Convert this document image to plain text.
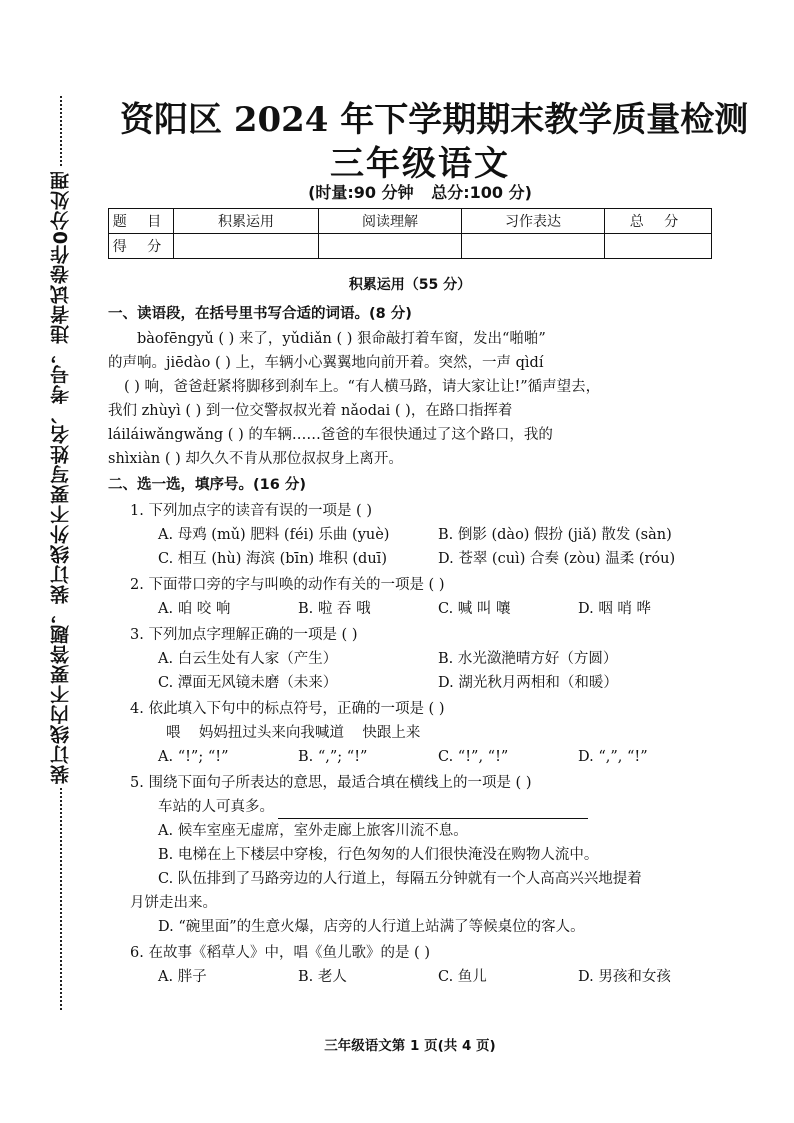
装订线内不要答题，装订线外不要写姓名、考号，违者试卷作0分处理
资阳区 2024 年下学期期末教学质量检测
三年级语文
(时量:90 分钟 总分:100 分)
题 目	积累运用	阅读理解	习作表达	总 分
得 分				
积累运用（55 分）
一、读语段，在括号里书写合适的词语。(8 分)
bàofēngyǔ ( ) 来了，yǔdiǎn ( ) 狠命敲打着车窗，发出“啪啪”
的声响。jiēdào ( ) 上，车辆小心翼翼地向前开着。突然，一声 qìdí
( ) 响，爸爸赶紧将脚移到刹车上。“有人横马路，请大家让让!”循声望去，
我们 zhùyì ( ) 到一位交警叔叔光着 nǎodai ( )，在路口指挥着
láiláiwǎngwǎng ( ) 的车辆……爸爸的车很快通过了这个路口，我的
shìxiàn ( ) 却久久不肯从那位叔叔身上离开。
二、选一选，填序号。(16 分)
1. 下列加点字的读音有误的一项是 ( )
A. 母鸡 (mǔ) 肥料 (féi) 乐曲 (yuè)	B. 倒影 (dào) 假扮 (jiǎ) 散发 (sàn)
C. 相互 (hù) 海滨 (bīn) 堆积 (duī)	D. 苍翠 (cuì) 合奏 (zòu) 温柔 (róu)
2. 下面带口旁的字与叫唤的动作有关的一项是 ( )
A. 咱 咬 响	B. 啦 吞 哦	C. 喊 叫 嚷	D. 咽 哨 哗
3. 下列加点字理解正确的一项是 ( )
A. 白云生处有人家（产生）	B. 水光潋滟晴方好（方圆）
C. 潭面无风镜未磨（未来）	D. 湖光秋月两相和（和暖）
4. 依此填入下句中的标点符号，正确的一项是 ( )
喂    妈妈扭过头来向我喊道    快跟上来
A. “!”; “!”	B. “,”; “!”	C. “!”, “!”	D. “,”, “!”
5. 围绕下面句子所表达的意思，最适合填在横线上的一项是 ( )
车站的人可真多。
A. 候车室座无虚席，室外走廊上旅客川流不息。
B. 电梯在上下楼层中穿梭，行色匆匆的人们很快淹没在购物人流中。
C. 队伍排到了马路旁边的人行道上，每隔五分钟就有一个人高高兴兴地提着
月饼走出来。
D. “碗里面”的生意火爆，店旁的人行道上站满了等候桌位的客人。
6. 在故事《稻草人》中，唱《鱼儿歌》的是 ( )
A. 胖子	B. 老人	C. 鱼儿	D. 男孩和女孩
三年级语文第 1 页(共 4 页)
